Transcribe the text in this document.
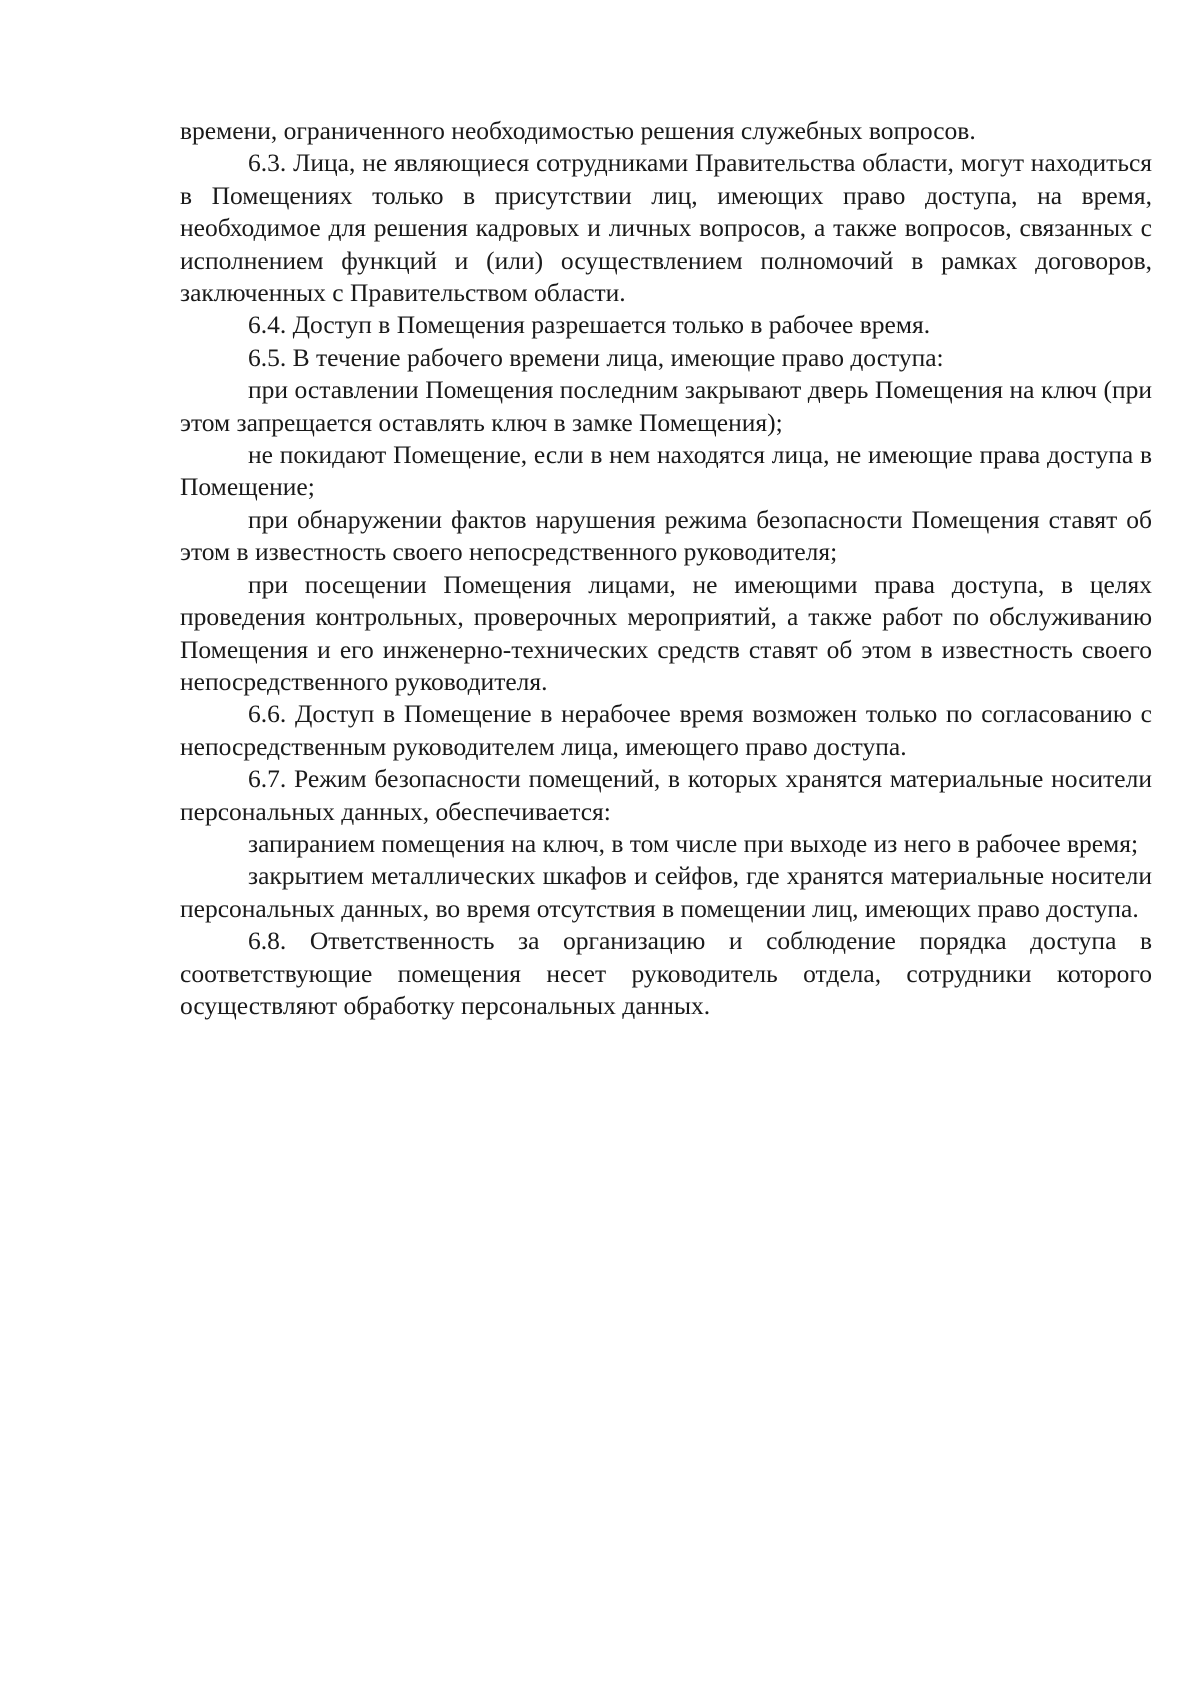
времени, ограниченного необходимостью решения служебных вопросов.

6.3. Лица, не являющиеся сотрудниками Правительства области, могут находиться в Помещениях только в присутствии лиц, имеющих право доступа, на время, необходимое для решения кадровых и личных вопросов, а также вопросов, связанных с исполнением функций и (или) осуществлением полномочий в рамках договоров, заключенных с Правительством области.

6.4. Доступ в Помещения разрешается только в рабочее время.

6.5. В течение рабочего времени лица, имеющие право доступа:

при оставлении Помещения последним закрывают дверь Помещения на ключ (при этом запрещается оставлять ключ в замке Помещения);

не покидают Помещение, если в нем находятся лица, не имеющие права доступа в Помещение;

при обнаружении фактов нарушения режима безопасности Помещения ставят об этом в известность своего непосредственного руководителя;

при посещении Помещения лицами, не имеющими права доступа, в целях проведения контрольных, проверочных мероприятий, а также работ по обслуживанию Помещения и его инженерно-технических средств ставят об этом в известность своего непосредственного руководителя.

6.6. Доступ в Помещение в нерабочее время возможен только по согласованию с непосредственным руководителем лица, имеющего право доступа.

6.7. Режим безопасности помещений, в которых хранятся материальные носители персональных данных, обеспечивается:

запиранием помещения на ключ, в том числе при выходе из него в рабочее время;

закрытием металлических шкафов и сейфов, где хранятся материальные носители персональных данных, во время отсутствия в помещении лиц, имеющих право доступа.

6.8. Ответственность за организацию и соблюдение порядка доступа в соответствующие помещения несет руководитель отдела, сотрудники которого осуществляют обработку персональных данных.
